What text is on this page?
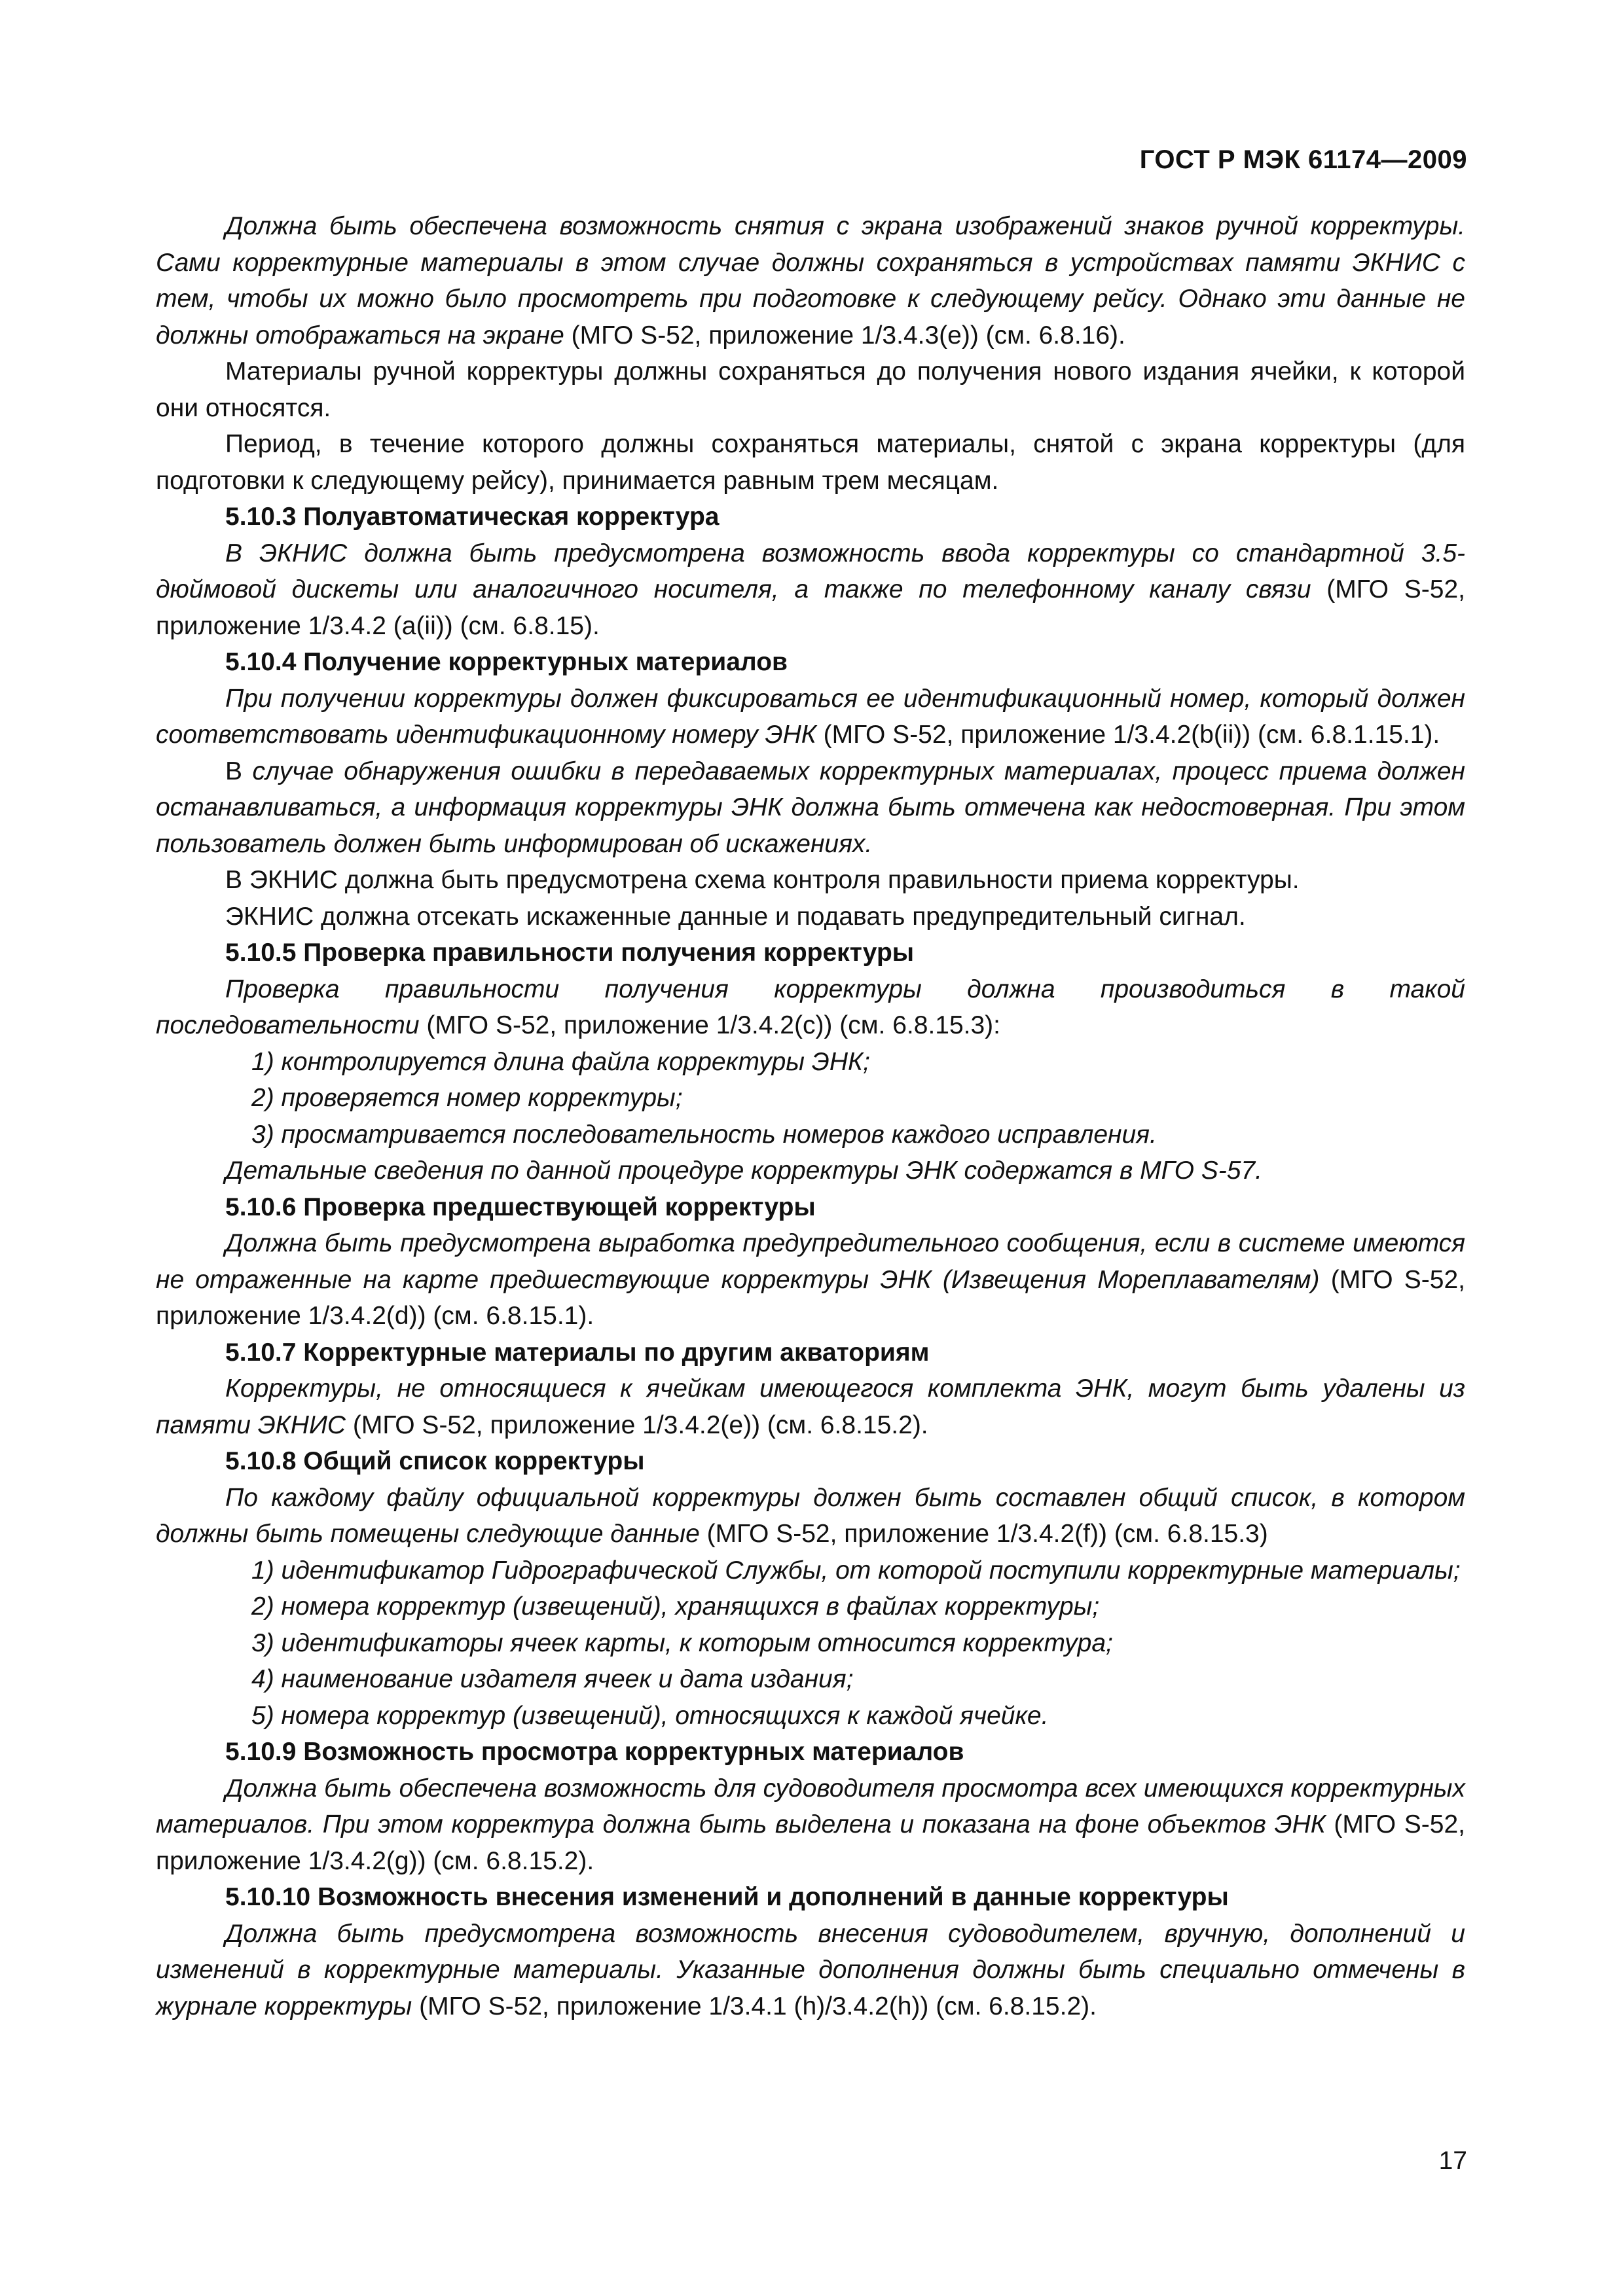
ГОСТ Р МЭК 61174—2009

Должна быть обеспечена возможность снятия с экрана изображений знаков ручной корректуры. Сами корректурные материалы в этом случае должны сохраняться в устройствах памяти ЭКНИС с тем, чтобы их можно было просмотреть при подготовке к следующему рейсу. Однако эти данные не должны отображаться на экране (МГО S-52, приложение 1/3.4.3(e)) (см. 6.8.16).

Материалы ручной корректуры должны сохраняться до получения нового издания ячейки, к которой они относятся.

Период, в течение которого должны сохраняться материалы, снятой с экрана корректуры (для подготовки к следующему рейсу), принимается равным трем месяцам.

5.10.3 Полуавтоматическая корректура

В ЭКНИС должна быть предусмотрена возможность ввода корректуры со стандартной 3.5-дюймовой дискеты или аналогичного носителя, а также по телефонному каналу связи (МГО S-52, приложение 1/3.4.2 (a(ii)) (см. 6.8.15).

5.10.4 Получение корректурных материалов

При получении корректуры должен фиксироваться ее идентификационный номер, который должен соответствовать идентификационному номеру ЭНК (МГО S-52, приложение 1/3.4.2(b(ii)) (см. 6.8.1.15.1).

В случае обнаружения ошибки в передаваемых корректурных материалах, процесс приема должен останавливаться, а информация корректуры ЭНК должна быть отмечена как недостоверная. При этом пользователь должен быть информирован об искажениях.

В ЭКНИС должна быть предусмотрена схема контроля правильности приема корректуры.

ЭКНИС должна отсекать искаженные данные и подавать предупредительный сигнал.

5.10.5 Проверка правильности получения корректуры

Проверка правильности получения корректуры должна производиться в такой последовательности (МГО S-52, приложение 1/3.4.2(c)) (см. 6.8.15.3):

1) контролируется длина файла корректуры ЭНК;

2) проверяется номер корректуры;

3) просматривается последовательность номеров каждого исправления.

Детальные сведения по данной процедуре корректуры ЭНК содержатся в МГО S-57.

5.10.6 Проверка предшествующей корректуры

Должна быть предусмотрена выработка предупредительного сообщения, если в системе имеются не отраженные на карте предшествующие корректуры ЭНК (Извещения Мореплавателям) (МГО S-52, приложение 1/3.4.2(d)) (см. 6.8.15.1).

5.10.7 Корректурные материалы по другим акваториям

Корректуры, не относящиеся к ячейкам имеющегося комплекта ЭНК, могут быть удалены из памяти ЭКНИС (МГО S-52, приложение 1/3.4.2(e)) (см. 6.8.15.2).

5.10.8 Общий список корректуры

По каждому файлу официальной корректуры должен быть составлен общий список, в котором должны быть помещены следующие данные (МГО S-52, приложение 1/3.4.2(f)) (см. 6.8.15.3)

1) идентификатор Гидрографической Службы, от которой поступили корректурные материалы;

2) номера корректур (извещений), хранящихся в файлах корректуры;

3) идентификаторы ячеек карты, к которым относится корректура;

4) наименование издателя ячеек и дата издания;

5) номера корректур (извещений), относящихся к каждой ячейке.

5.10.9 Возможность просмотра корректурных материалов

Должна быть обеспечена возможность для судоводителя просмотра всех имеющихся корректурных материалов. При этом корректура должна быть выделена и показана на фоне объектов ЭНК (МГО S-52, приложение 1/3.4.2(g)) (см. 6.8.15.2).

5.10.10 Возможность внесения изменений и дополнений в данные корректуры

Должна быть предусмотрена возможность внесения судоводителем, вручную, дополнений и изменений в корректурные материалы. Указанные дополнения должны быть специально отмечены в журнале корректуры (МГО S-52, приложение 1/3.4.1 (h)/3.4.2(h)) (см. 6.8.15.2).

17
